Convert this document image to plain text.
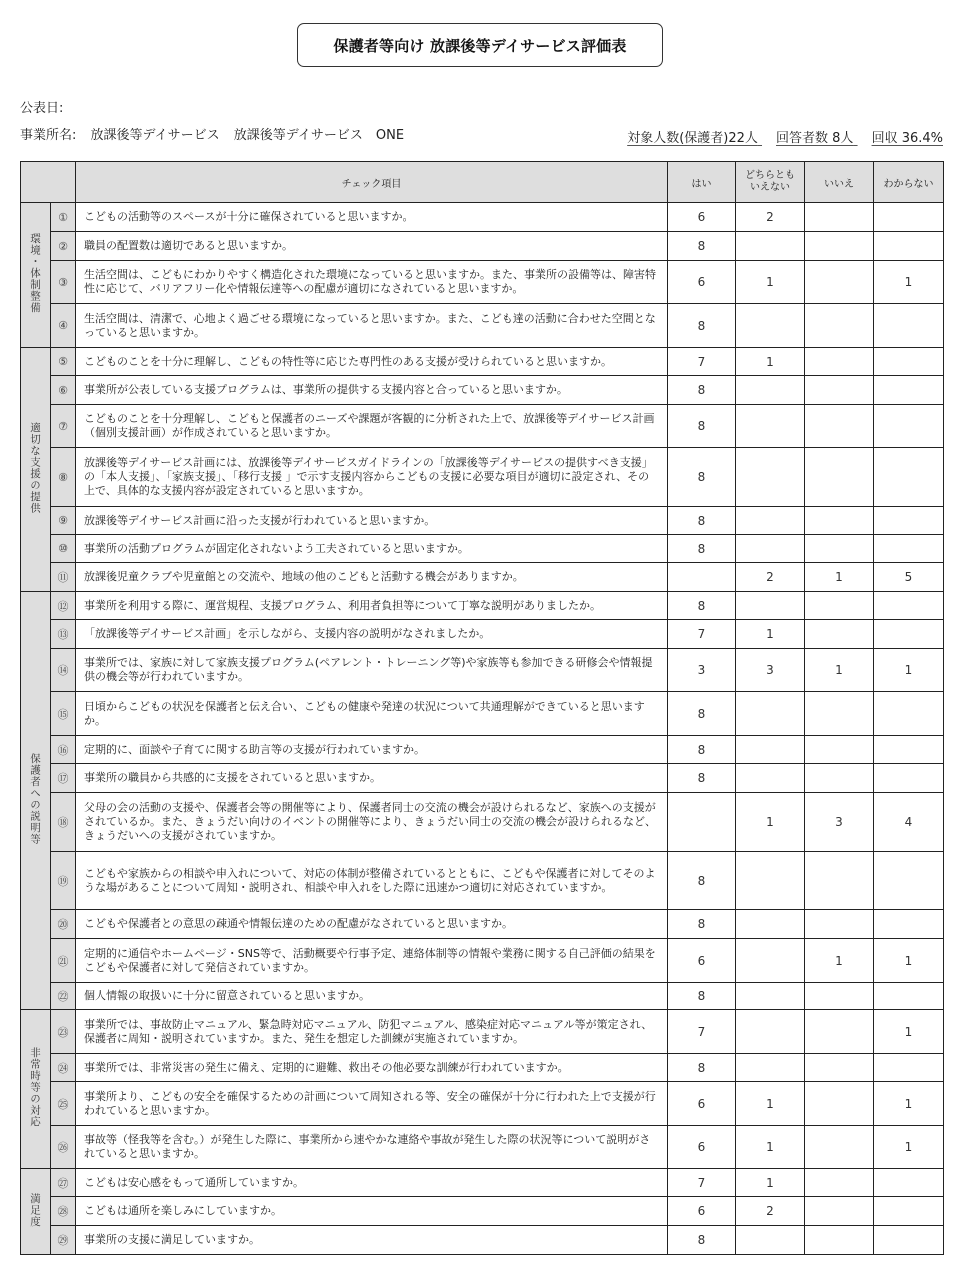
保護者等向け 放課後等デイサービス評価表
公表日:
事業所名: 放課後等デイサービス 放課後等デイサービス　ONE	対象人数(保護者)22人 回答者数 8人 回収 36.4%
		チェック項目	はい	どちらとも
いえない	いいえ	わからない
環境・体制整備	①	こどもの活動等のスペースが十分に確保されていると思いますか。	6	2		
	②	職員の配置数は適切であると思いますか。	8			
	③	生活空間は、こどもにわかりやすく構造化された環境になっていると思いますか。また、事業所の設備等は、障害特性に応じて、バリアフリー化や情報伝達等への配慮が適切になされていると思いますか。	6	1		1
	④	生活空間は、清潔で、心地よく過ごせる環境になっていると思いますか。また、こども達の活動に合わせた空間となっていると思いますか。	8			
適切な支援の提供	⑤	こどものことを十分に理解し、こどもの特性等に応じた専門性のある支援が受けられていると思いますか。	7	1		
	⑥	事業所が公表している支援プログラムは、事業所の提供する支援内容と合っていると思いますか。	8			
	⑦	こどものことを十分理解し、こどもと保護者のニーズや課題が客観的に分析された上で、放課後等デイサービス計画（個別支援計画）が作成されていると思いますか。	8			
	⑧	放課後等デイサービス計画には、放課後等デイサービスガイドラインの「放課後等デイサービスの提供すべき支援」の「本人支援」、「家族支援」、「移行支援 」で示す支援内容からこどもの支援に必要な項目が適切に設定され、その上で、具体的な支援内容が設定されていると思いますか。	8			
	⑨	放課後等デイサービス計画に沿った支援が行われていると思いますか。	8			
	⑩	事業所の活動プログラムが固定化されないよう工夫されていると思いますか。	8			
	⑪	放課後児童クラブや児童館との交流や、地域の他のこどもと活動する機会がありますか。		2	1	5
保護者への説明等	⑫	事業所を利用する際に、運営規程、支援プログラム、利用者負担等について丁寧な説明がありましたか。	8			
	⑬	「放課後等デイサービス計画」を示しながら、支援内容の説明がなされましたか。	7	1		
	⑭	事業所では、家族に対して家族支援プログラム(ペアレント・トレーニング等)や家族等も参加できる研修会や情報提供の機会等が行われていますか。	3	3	1	1
	⑮	日頃からこどもの状況を保護者と伝え合い、こどもの健康や発達の状況について共通理解ができていると思いますか。	8			
	⑯	定期的に、面談や子育てに関する助言等の支援が行われていますか。	8			
	⑰	事業所の職員から共感的に支援をされていると思いますか。	8			
	⑱	父母の会の活動の支援や、保護者会等の開催等により、保護者同士の交流の機会が設けられるなど、家族への支援がされているか。また、きょうだい向けのイベントの開催等により、きょうだい同士の交流の機会が設けられるなど、きょうだいへの支援がされていますか。		1	3	4
	⑲	こどもや家族からの相談や申入れについて、対応の体制が整備されているとともに、こどもや保護者に対してそのような場があることについて周知・説明され、相談や申入れをした際に迅速かつ適切に対応されていますか。	8			
	⑳	こどもや保護者との意思の疎通や情報伝達のための配慮がなされていると思いますか。	8			
	㉑	定期的に通信やホームページ・SNS等で、活動概要や行事予定、連絡体制等の情報や業務に関する自己評価の結果をこどもや保護者に対して発信されていますか。	6		1	1
	㉒	個人情報の取扱いに十分に留意されていると思いますか。	8			
非常時等の対応	㉓	事業所では、事故防止マニュアル、緊急時対応マニュアル、防犯マニュアル、感染症対応マニュアル等が策定され、保護者に周知・説明されていますか。また、発生を想定した訓練が実施されていますか。	7			1
	㉔	事業所では、非常災害の発生に備え、定期的に避難、救出その他必要な訓練が行われていますか。	8			
	㉕	事業所より、こどもの安全を確保するための計画について周知される等、安全の確保が十分に行われた上で支援が行われていると思いますか。	6	1		1
	㉖	事故等（怪我等を含む。）が発生した際に、事業所から速やかな連絡や事故が発生した際の状況等について説明がされていると思いますか。	6	1		1
満足度	㉗	こどもは安心感をもって通所していますか。	7	1		
	㉘	こどもは通所を楽しみにしていますか。	6	2		
	㉙	事業所の支援に満足していますか。	8			
